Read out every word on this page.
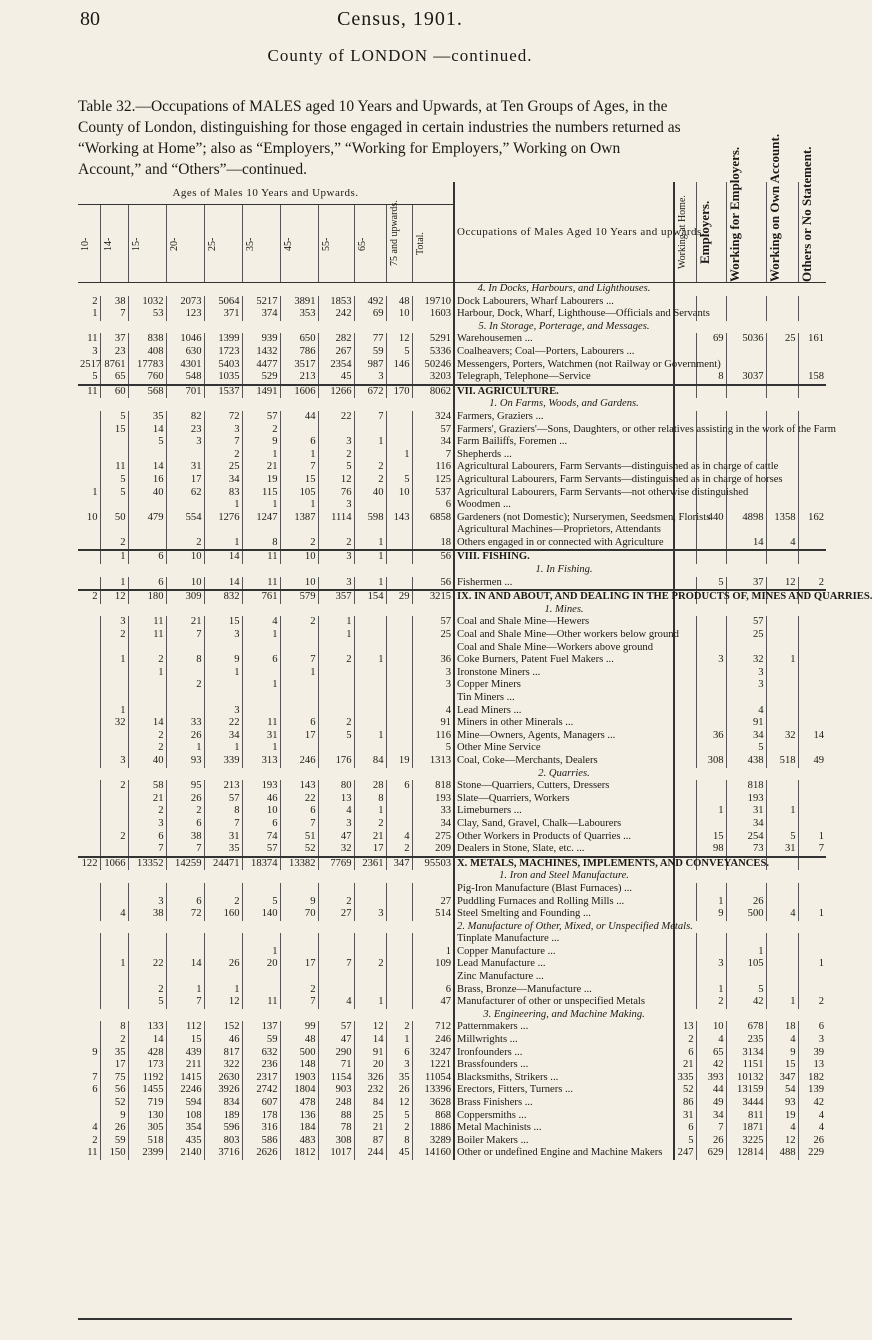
80	Census, 1901.
County of LONDON —continued.
Table 32.—Occupations of MALES aged 10 Years and Upwards, at Ten Groups of Ages, in the
County of London, distinguishing for those engaged in certain industries the numbers returned as
“Working at Home”; also as “Employers,” “Working for Employers,” Working on Own
Account,” and “Others”—continued.
Ages of Males 10 Years and Upwards.											Occupations of Males Aged 10 Years and upwards.	Working at Home.	Employers.	Working for Employers.	Working on Own Account.	Others or No Statement.

10-	14-	15-	20-	25-	35-	45-	55-	65-	75 and upwards.	Total.						

											4. In Docks, Harbours, and Lighthouses.					
2	38	1032	2073	5064	5217	3891	1853	492	48	19710	Dock Labourers, Wharf Labourers ...					
1	7	53	123	371	374	353	242	69	10	1603	Harbour, Dock, Wharf, Lighthouse—Officials and Servants					
											5. In Storage, Porterage, and Messages.					
11	37	838	1046	1399	939	650	282	77	12	5291	Warehousemen ...		69	5036	25	161
3	23	408	630	1723	1432	786	267	59	5	5336	Coalheavers; Coal—Porters, Labourers ...					
2517	8761	17783	4301	5403	4477	3517	2354	987	146	50246	Messengers, Porters, Watchmen (not Railway or Government)					
5	65	760	548	1035	529	213	45	3		3203	Telegraph, Telephone—Service		8	3037		158
11	60	568	701	1537	1491	1606	1266	672	170	8062	VII. AGRICULTURE.					
											1. On Farms, Woods, and Gardens.					
	5	35	82	72	57	44	22	7		324	Farmers, Graziers ...					
	15	14	23	3	2					57	Farmers', Graziers'—Sons, Daughters, or other relatives assisting in the work of the Farm					
		5	3	7	9	6	3	1		34	Farm Bailiffs, Foremen ...					
				2	1	1	2		1	7	Shepherds ...					
	11	14	31	25	21	7	5	2		116	Agricultural Labourers, Farm Servants—distinguished as in charge of cattle					
	5	16	17	34	19	15	12	2	5	125	Agricultural Labourers, Farm Servants—distinguished as in charge of horses					
1	5	40	62	83	115	105	76	40	10	537	Agricultural Labourers, Farm Servants—not otherwise distinguished					
				1	1	1	3			6	Woodmen ...					
10	50	479	554	1276	1247	1387	1114	598	143	6858	Gardeners (not Domestic); Nurserymen, Seedsmen, Florists		440	4898	1358	162
											Agricultural Machines—Proprietors, Attendants					
	2		2	1	8	2	2	1		18	Others engaged in or connected with Agriculture			14	4	
	1	6	10	14	11	10	3	1		56	VIII. FISHING.					
											1. In Fishing.					
	1	6	10	14	11	10	3	1		56	Fishermen ...		5	37	12	2
2	12	180	309	832	761	579	357	154	29	3215	IX. IN AND ABOUT, AND DEALING IN THE PRODUCTS OF, MINES AND QUARRIES.					
											1. Mines.					
	3	11	21	15	4	2	1			57	Coal and Shale Mine—Hewers			57		
	2	11	7	3	1		1			25	Coal and Shale Mine—Other workers below ground			25		
											Coal and Shale Mine—Workers above ground					
	1	2	8	9	6	7	2	1		36	Coke Burners, Patent Fuel Makers ...		3	32	1	
		1		1		1				3	Ironstone Miners ...			3		
			2		1					3	Copper Miners			3		
											Tin Miners ...					
	1			3						4	Lead Miners ...			4		
	32	14	33	22	11	6	2			91	Miners in other Minerals ...			91		
		2	26	34	31	17	5	1		116	Mine—Owners, Agents, Managers ...		36	34	32	14
		2	1	1	1					5	Other Mine Service			5		
	3	40	93	339	313	246	176	84	19	1313	Coal, Coke—Merchants, Dealers		308	438	518	49
											2. Quarries.					
	2	58	95	213	193	143	80	28	6	818	Stone—Quarriers, Cutters, Dressers			818		
		21	26	57	46	22	13	8		193	Slate—Quarriers, Workers			193		
		2	2	8	10	6	4	1		33	Limeburners ...		1	31	1	
		3	6	7	6	7	3	2		34	Clay, Sand, Gravel, Chalk—Labourers			34		
	2	6	38	31	74	51	47	21	4	275	Other Workers in Products of Quarries ...		15	254	5	1
		7	7	35	57	52	32	17	2	209	Dealers in Stone, Slate, etc. ...		98	73	31	7
122	1066	13352	14259	24471	18374	13382	7769	2361	347	95503	X. METALS, MACHINES, IMPLEMENTS, AND CONVEYANCES.					
											1. Iron and Steel Manufacture.					
											Pig-Iron Manufacture (Blast Furnaces) ...					
		3	6	2	5	9	2			27	Puddling Furnaces and Rolling Mills ...		1	26		
	4	38	72	160	140	70	27	3		514	Steel Smelting and Founding ...		9	500	4	1
											2. Manufacture of Other, Mixed, or Unspecified Metals.					
											Tinplate Manufacture ...					
					1					1	Copper Manufacture ...			1		
	1	22	14	26	20	17	7	2		109	Lead Manufacture ...		3	105		1
											Zinc Manufacture ...					
		2	1	1		2				6	Brass, Bronze—Manufacture ...		1	5		
		5	7	12	11	7	4	1		47	Manufacturer of other or unspecified Metals		2	42	1	2
											3. Engineering, and Machine Making.					
	8	133	112	152	137	99	57	12	2	712	Patternmakers ...	13	10	678	18	6
	2	14	15	46	59	48	47	14	1	246	Millwrights ...	2	4	235	4	3
9	35	428	439	817	632	500	290	91	6	3247	Ironfounders ...	6	65	3134	9	39
	17	173	211	322	236	148	71	20	3	1221	Brassfounders ...	21	42	1151	15	13
7	75	1192	1415	2630	2317	1903	1154	326	35	11054	Blacksmiths, Strikers ...	335	393	10132	347	182
6	56	1455	2246	3926	2742	1804	903	232	26	13396	Erectors, Fitters, Turners ...	52	44	13159	54	139
	52	719	594	834	607	478	248	84	12	3628	Brass Finishers ...	86	49	3444	93	42
	9	130	108	189	178	136	88	25	5	868	Coppersmiths ...	31	34	811	19	4
4	26	305	354	596	316	184	78	21	2	1886	Metal Machinists ...	6	7	1871	4	4
2	59	518	435	803	586	483	308	87	8	3289	Boiler Makers ...	5	26	3225	12	26
11	150	2399	2140	3716	2626	1812	1017	244	45	14160	Other or undefined Engine and Machine Makers	247	629	12814	488	229
